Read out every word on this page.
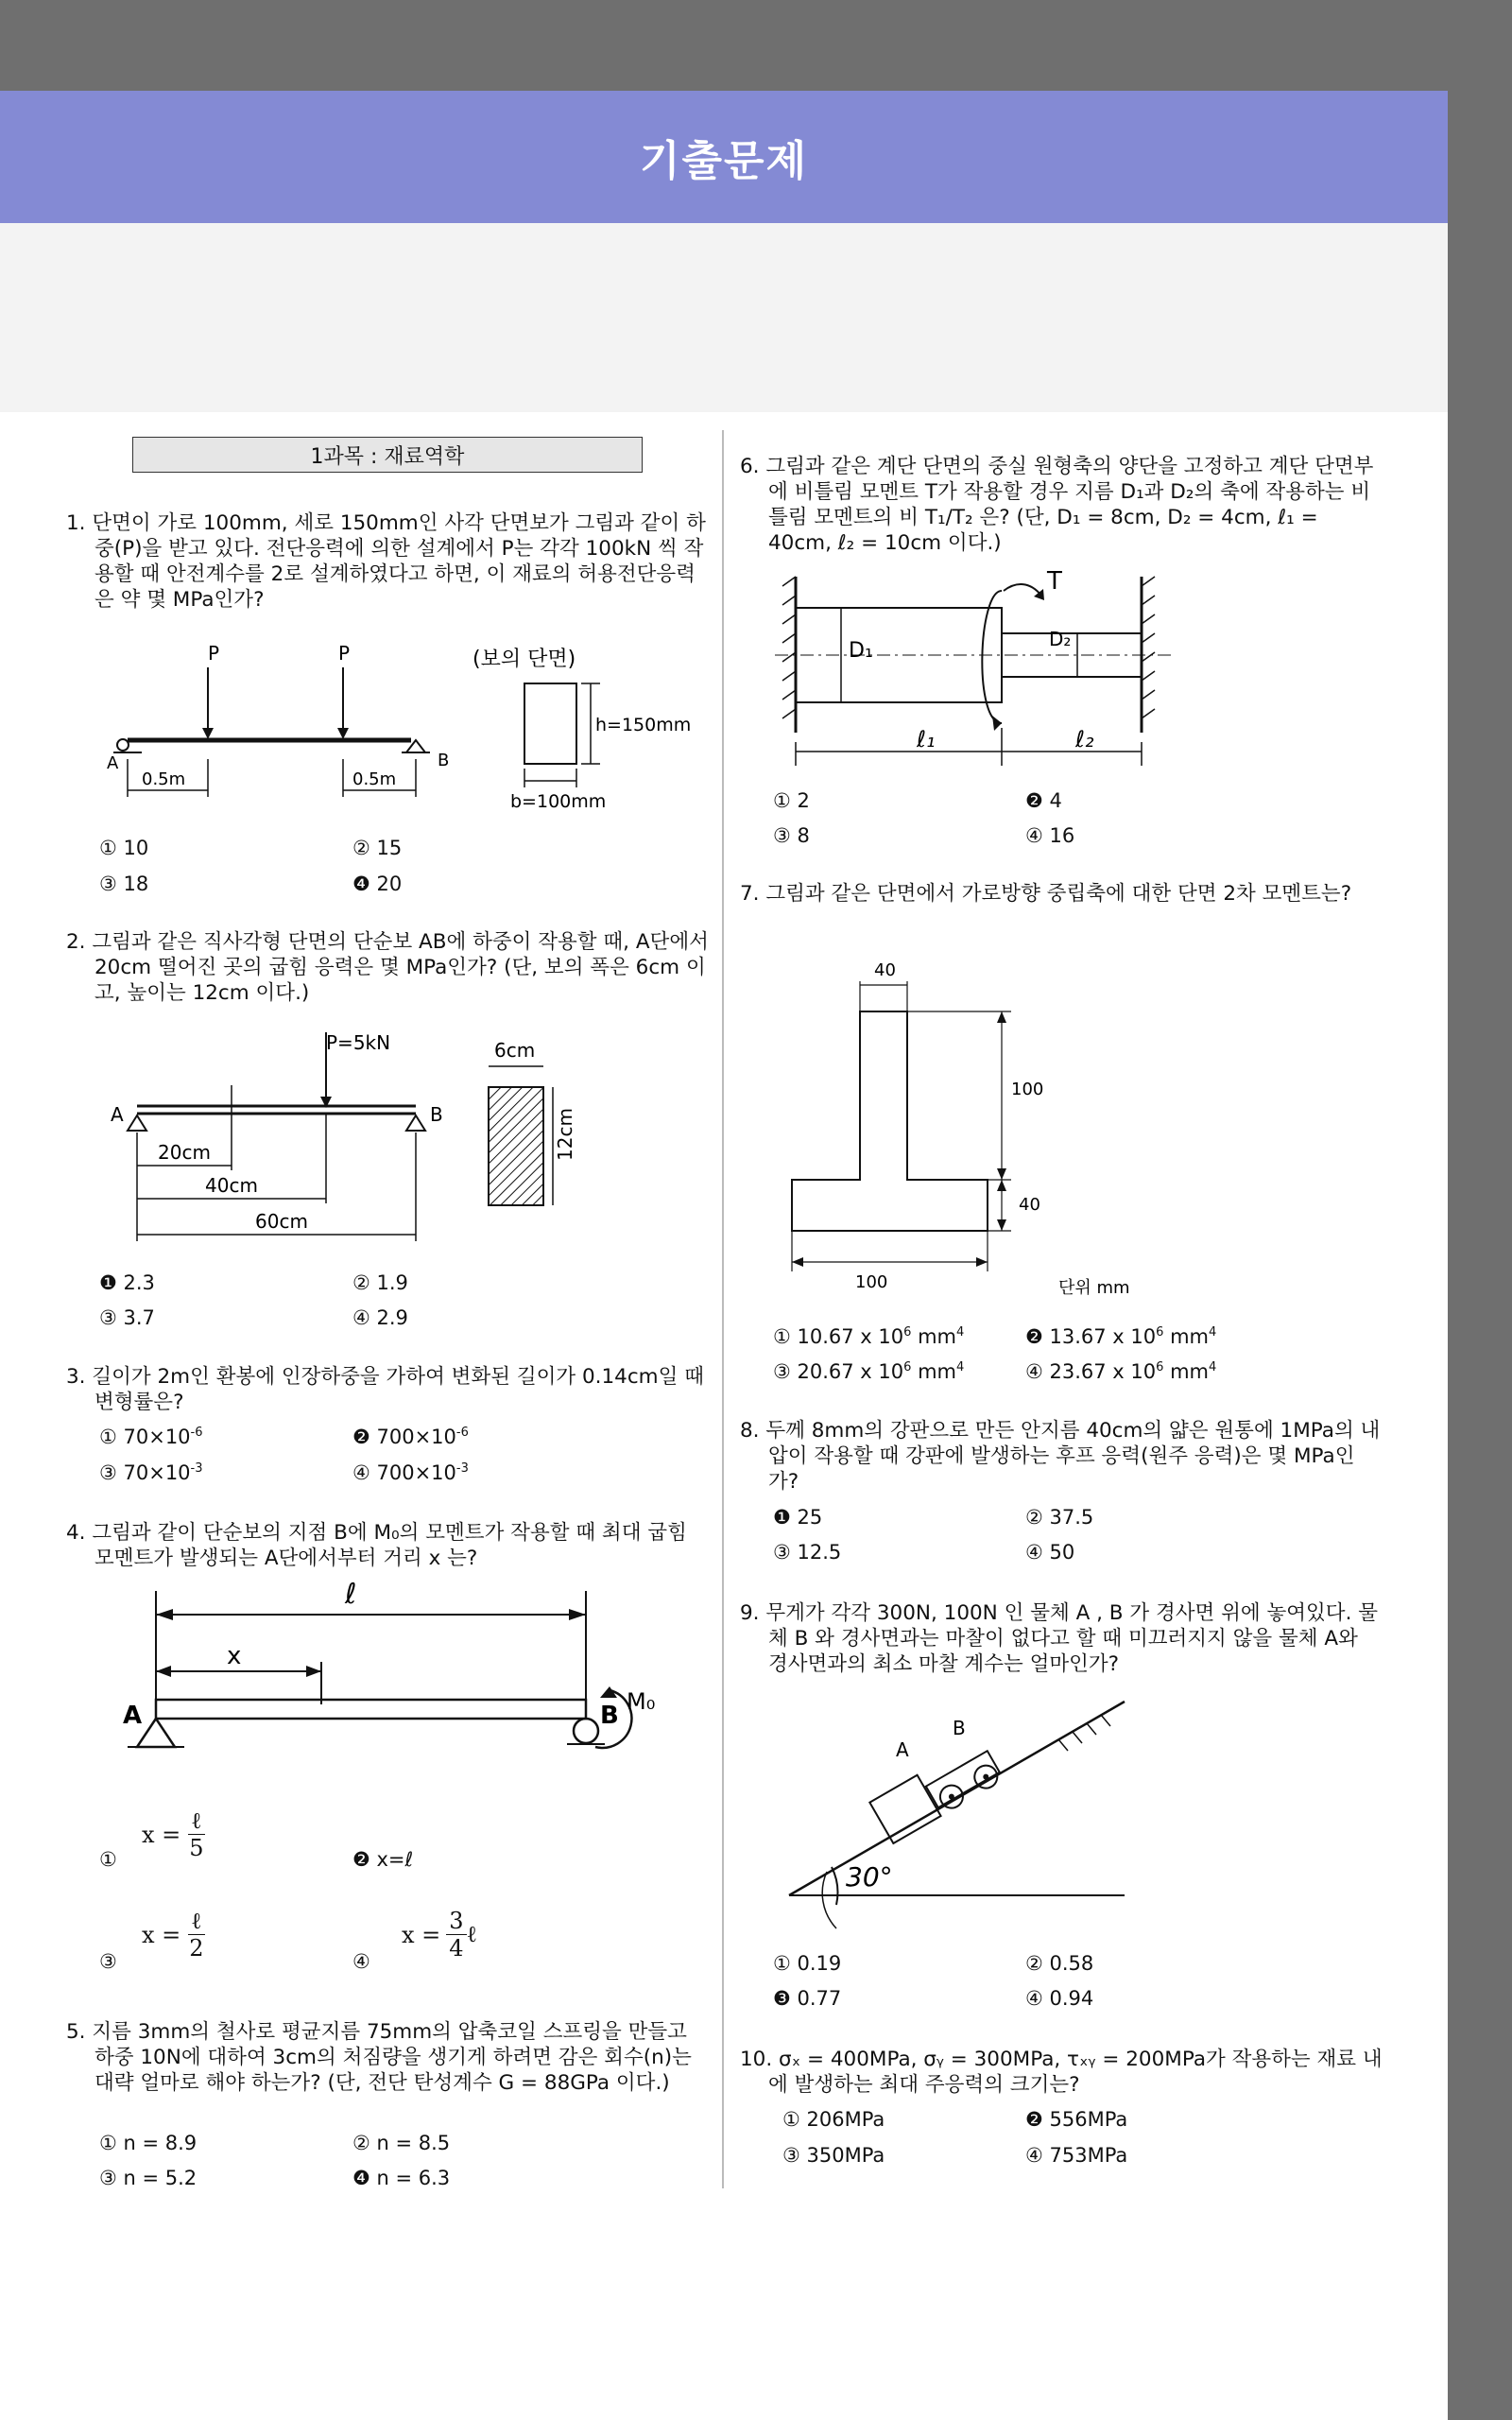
기출문제
1과목 : 재료역학
1. 단면이 가로 100mm, 세로 150mm인 사각 단면보가 그림과 같이 하중(P)을 받고 있다. 전단응력에 의한 설계에서 P는 각각 100kN 씩 작용할 때 안전계수를 2로 설계하였다고 하면, 이 재료의 허용전단응력은 약 몇 MPa인가?
P	P
A	B
0.5m	0.5m
(보의 단면)
h=150mm
b=100mm
① 10	② 15
③ 18	❹ 20
2. 그림과 같은 직사각형 단면의 단순보 AB에 하중이 작용할 때, A단에서 20cm 떨어진 곳의 굽힘 응력은 몇 MPa인가? (단, 보의 폭은 6cm 이고, 높이는 12cm 이다.)
P=5kN
A	B
20cm
40cm
60cm
6cm
12cm
❶ 2.3	② 1.9
③ 3.7	④ 2.9
3. 길이가 2m인 환봉에 인장하중을 가하여 변화된 길이가 0.14cm일 때 변형률은?
① $70\times 10^{-6}$	❷ $700\times 10^{-6}$
③ $70\times 10^{-3}$	④ $700\times 10^{-3}$
4. 그림과 같이 단순보의 지점 B에 M₀의 모멘트가 작용할 때 최대 굽힘 모멘트가 발생되는 A단에서부터 거리 x 는?
ℓ
x
A	B M₀
①
x =
ℓ
5	❷ x=ℓ
③
x =
ℓ
2	④
$x = \frac{3}{4}$ ℓ
5. 지름 3mm의 철사로 평균지름 75mm의 압축코일 스프링을 만들고 하중 10N에 대하여 3cm의 처짐량을 생기게 하려면 감은 회수(n)는 대략 얼마로 해야 하는가? (단, 전단 탄성계수 G = 88GPa 이다.)
① n = 8.9	② n = 8.5
③ n = 5.2	❹ n = 6.3
6. 그림과 같은 계단 단면의 중실 원형축의 양단을 고정하고 계단 단면부에 비틀림 모멘트 T가 작용할 경우 지름 D₁과 D₂의 축에 작용하는 비틀림 모멘트의 비 T₁/T₂ 은? (단, D₁ = 8cm, D₂ = 4cm, ℓ₁ = 40cm, ℓ₂ = 10cm 이다.)
T
D₁	D₂
ℓ₁	ℓ₂
① 2	❷ 4
③ 8	④ 16
7. 그림과 같은 단면에서 가로방향 중립축에 대한 단면 2차 모멘트는?
40
100
40
100	단위 mm
① 10.67 x $10^6$ $mm^4$	❷ 13.67 x $10^6$ $mm^4$
③ 20.67 x $10^6$ $mm^4$	④ 23.67 x $10^6$ $mm^4$
8. 두께 8mm의 강판으로 만든 안지름 40cm의 얇은 원통에 1MPa의 내압이 작용할 때 강판에 발생하는 후프 응력(원주 응력)은 몇 MPa인가?
❶ 25	② 37.5
③ 12.5	④ 50
9. 무게가 각각 300N, 100N 인 물체 A , B 가 경사면 위에 놓여있다. 물체 B 와 경사면과는 마찰이 없다고 할 때 미끄러지지 않을 물체 A와 경사면과의 최소 마찰 계수는 얼마인가?
A
B
30°
① 0.19	② 0.58
❸ 0.77	④ 0.94
10. σₓ = 400MPa, σᵧ = 300MPa, τₓᵧ = 200MPa가 작용하는 재료 내에 발생하는 최대 주응력의 크기는?
① 206MPa	❷ 556MPa
③ 350MPa	④ 753MPa
